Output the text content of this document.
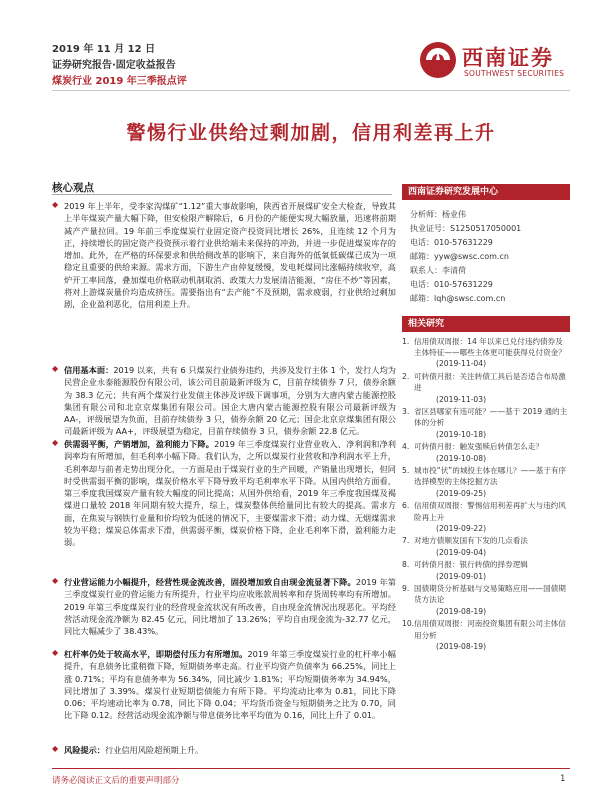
2019 年 11 月 12 日
证券研究报告·固定收益报告
煤炭行业 2019 年三季报点评
西南证券
SOUTHWEST SECURITIES
警惕行业供给过剩加剧，信用利差再上升
核心观点
◆ 2019 年上半年，受李家沟煤矿“1.12”重大事故影响，陕西省开展煤矿安全大检查，导致其上半年煤炭产量大幅下降，但安检限产解除后，6 月份的产能便实现大幅放量，迅速将前期减产产量拉回。19 年前三季度煤炭行业固定资产投资同比增长 26%，且连续 12 个月为正，持续增长的固定资产投资预示着行业供给端未来保持的冲劲，并进一步促进煤炭库存的增加。此外，在严格的环保要求和供给侧改革的影响下，来自海外的低氧低碳煤已成为一项稳定且重要的供给来源。需求方面，下游生产由停复缓慢，发电耗煤同比涨幅持续收窄，高炉开工率回落，叠加煤电价格联动机制取消、政策大力发展清洁能源、“房住不炒”等因素，将对上游煤炭量价均造成挤压。需要指出有“去产能”不及预期，需求疲弱，行业供给过剩加剧，企业盈利恶化，信用利差上升。
◆ 信用基本面：2019 以来，共有 6 只煤炭行业债券违约，共涉及发行主体 1 个，发行人均为民营企业永泰能源股份有限公司，该公司目前最新评级为 C，目前存续债券 7 只，债券余额为 38.3 亿元；共有两个煤炭行业发债主体涉及评级下调事项，分别为大唐内蒙古能源控股集团有限公司和北京京煤集团有限公司。国企大唐内蒙古能源控股有限公司最新评级为 AA-，评级展望为负面，目前存续债券 3 只，债券余额 20 亿元；国企北京京煤集团有限公司最新评级为 AA+，评级展望为稳定，目前存续债券 3 只，债券余额 22.8 亿元。
◆ 供需弱平衡，产销增加，盈利能力下降。2019 年三季度煤炭行业营业收入、净利润和净利润率均有所增加，但毛利率小幅下降。我们认为，之所以煤炭行业营收和净利润水平上升，毛利率却与前者走势出现分化，一方面是由于煤炭行业的生产回暖，产销量出现增长，但同时受供需弱平衡的影响，煤炭价格水平下降导致平均毛利率水平下降。从国内供给方面看，第三季度我国煤炭产量有较大幅度的同比提高；从国外供给看，2019 年三季度我国煤及褐煤进口量较 2018 年同期有较大提升，综上，煤炭整体供给量同比有较大的提高。需求方面，在焦炭与钢铁行业量和价均较为低迷的情况下，主要煤需求下滑；动力煤、无烟煤需求较为平稳；煤炭总体需求下滑，供需弱平衡，煤炭价格下降，企业毛利率下滑，盈利能力走弱。
◆ 行业营运能力小幅提升，经营性现金流改善，固投增加致自由现金流显著下降。2019 年第三季度煤炭行业的营运能力有所提升，行业平均应收账款周转率和存货周转率均有所增加。2019 年第三季度煤炭行业的经营现金流状况有所改善，自由现金流情况出现恶化。平均经营活动现金流净额为 82.45 亿元，同比增加了 13.26%；平均自由现金流为-32.77 亿元，同比大幅减少了 38.43%。
◆ 杠杆率仍处于较高水平，即期偿付压力有所增加。2019 年第三季度煤炭行业的杠杆率小幅提升，有息债务比重稍微下降，短期债务率走高。行业平均资产负债率为 66.25%，同比上涨 0.71%；平均有息债务率为 56.34%，同比减少 1.81%；平均短期债务率为 34.94%，同比增加了 3.39%。煤炭行业短期偿债能力有所下降。平均流动比率为 0.81，同比下降 0.06；平均速动比率为 0.78，同比下降 0.04；平均货币资金与短期债务之比为 0.70，同比下降 0.12。经营活动现金流净额与带息债务比率平均值为 0.16，同比上升了 0.01。
◆ 风险提示：行业信用风险超预期上升。
西南证券研究发展中心
分析师：杨业伟
执业证号：S1250517050001
电话：010-57631229
邮箱：yyw@swsc.com.cn
联系人：李清荷
电话：010-57631229
邮箱：lqh@swsc.com.cn
相关研究
1. 信用债双周报：14 年以来已兑付违约债券及主体特征——哪些主体更可能获得兑付资金？
(2019-11-04)
2. 可转债月报：关注转债工具后是否适合布局激进
(2019-11-03)
3. 省区县哪家有违可能？——基于 2019 通的主体的分析
(2019-10-18)
4. 可转债月报：触发强赎后转债怎么走？
(2019-10-08)
5. 城市投“伏”的城投主体在哪儿？——基于有序选择模型的主体挖掘方法
(2019-09-25)
6. 信用债双周报：警惕信用利差再扩大与违约风险再上升
(2019-09-22)
7. 对地方债顺发国有下发的几点看法
(2019-09-04)
8. 可转债月报：银行转债的择券逻辑
(2019-09-01)
9. 国债期货分析基础与交易策略应用——国债期货方法论
(2019-08-19)
10. 信用债双周报：河南投资集团有限公司主体信用分析
(2019-08-19)
请务必阅读正文后的重要声明部分	1
